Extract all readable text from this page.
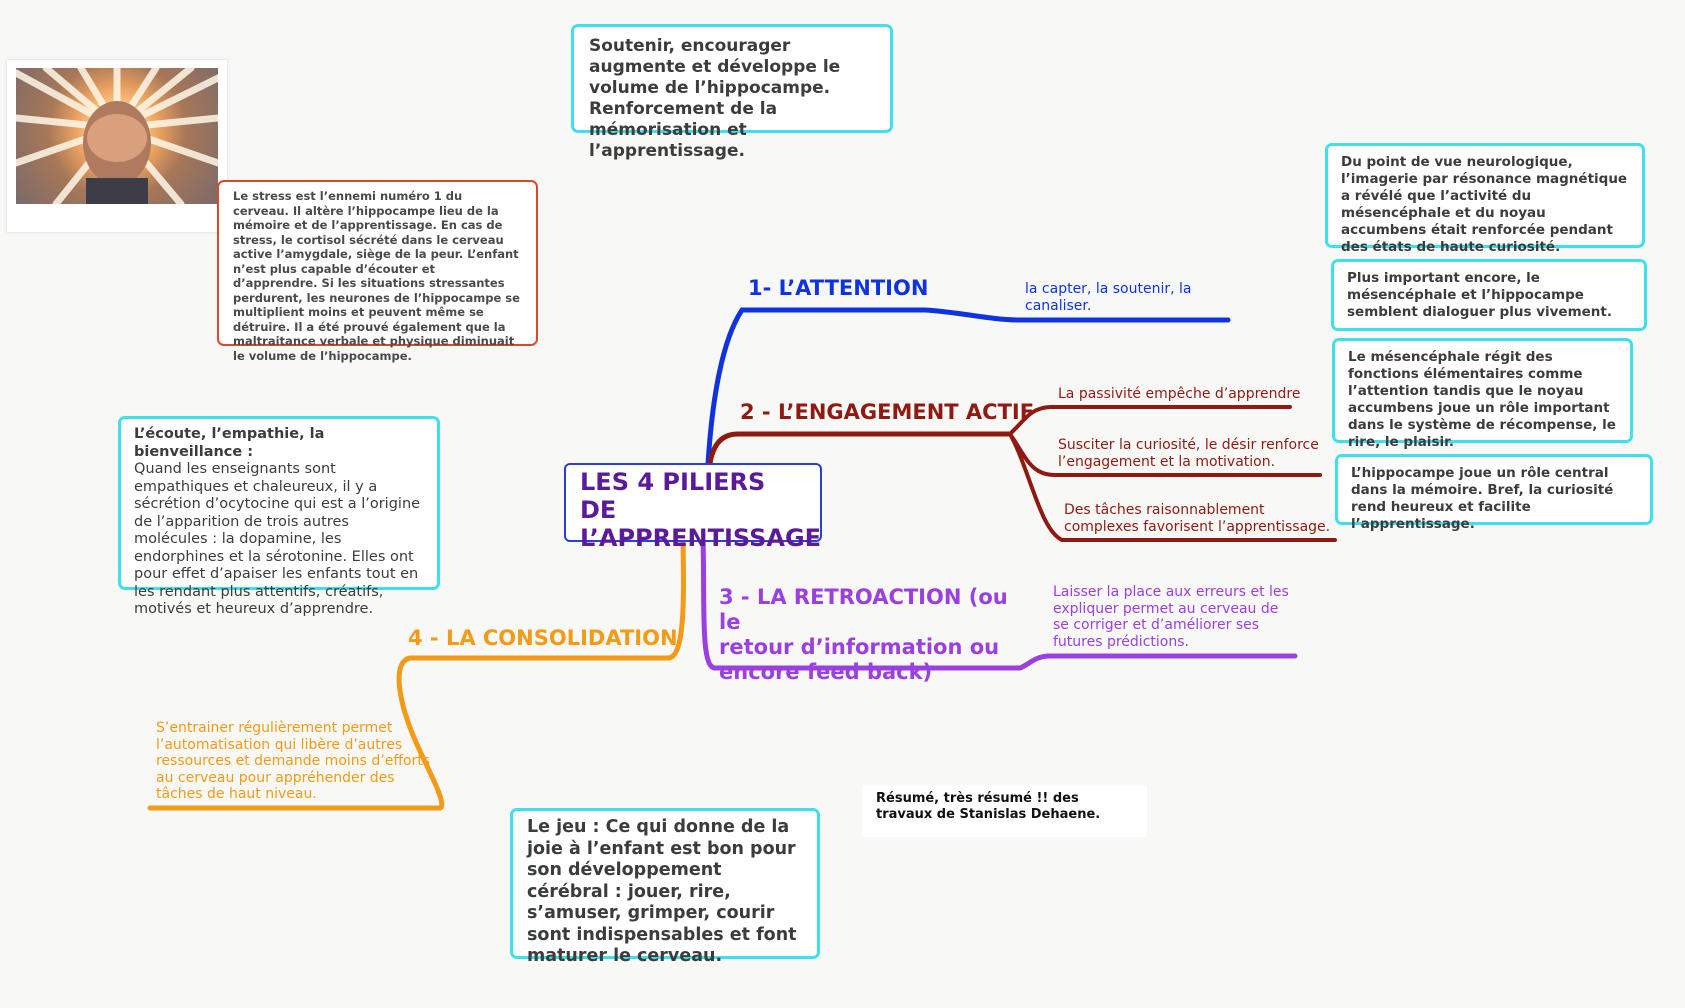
LES 4 PILIERS DE
L’APPRENTISSAGE
1- L’ATTENTION	la capter, la soutenir, la canaliser.
2 - L’ENGAGEMENT ACTIF
La passivité empêche d’apprendre
Susciter la curiosité, le désir renforce l’engagement et la motivation.
Des tâches raisonnablement complexes favorisent l’apprentissage.
3 - LA RETROACTION (ou le
retour d’information ou
encore feed back)
Laisser la place aux erreurs et les expliquer permet au cerveau de se corriger et d’améliorer ses futures prédictions.
4 - LA CONSOLIDATION
S’entrainer régulièrement permet l’automatisation qui libère d’autres ressources et demande moins d’efforts au cerveau pour appréhender des tâches de haut niveau.
Soutenir, encourager augmente et développe le volume de l’hippocampe. Renforcement de la mémorisation et l’apprentissage.
Le stress est l’ennemi numéro 1 du cerveau. Il altère l’hippocampe lieu de la mémoire et de l’apprentissage. En cas de stress, le cortisol sécrété dans le cerveau active l’amygdale, siège de la peur. L’enfant n’est plus capable d’écouter et d’apprendre. Si les situations stressantes perdurent, les neurones de l’hippocampe se multiplient moins et peuvent même se détruire. Il a été prouvé également que la maltraitance verbale et physique diminuait le volume de l’hippocampe.
L’écoute, l’empathie, la bienveillance :
Quand les enseignants sont empathiques et chaleureux, il y a sécrétion d’ocytocine qui est a l’origine de l’apparition de trois autres molécules : la dopamine, les endorphines et la sérotonine. Elles ont pour effet d’apaiser les enfants tout en les rendant plus attentifs, créatifs, motivés et heureux d’apprendre.
Du point de vue neurologique, l’imagerie par résonance magnétique a révélé que l’activité du mésencéphale et du noyau accumbens était renforcée pendant des états de haute curiosité.
Plus important encore, le mésencéphale et l’hippocampe semblent dialoguer plus vivement.
Le mésencéphale régit des fonctions élémentaires comme l’attention tandis que le noyau accumbens joue un rôle important dans le système de récompense, le rire, le plaisir.
L’hippocampe joue un rôle central dans la mémoire. Bref, la curiosité rend heureux et facilite l’apprentissage.
Le jeu : Ce qui donne de la joie à l’enfant est bon pour son développement cérébral : jouer, rire, s’amuser, grimper, courir sont indispensables et font maturer le cerveau.
Résumé, très résumé !! des travaux de Stanislas Dehaene.
